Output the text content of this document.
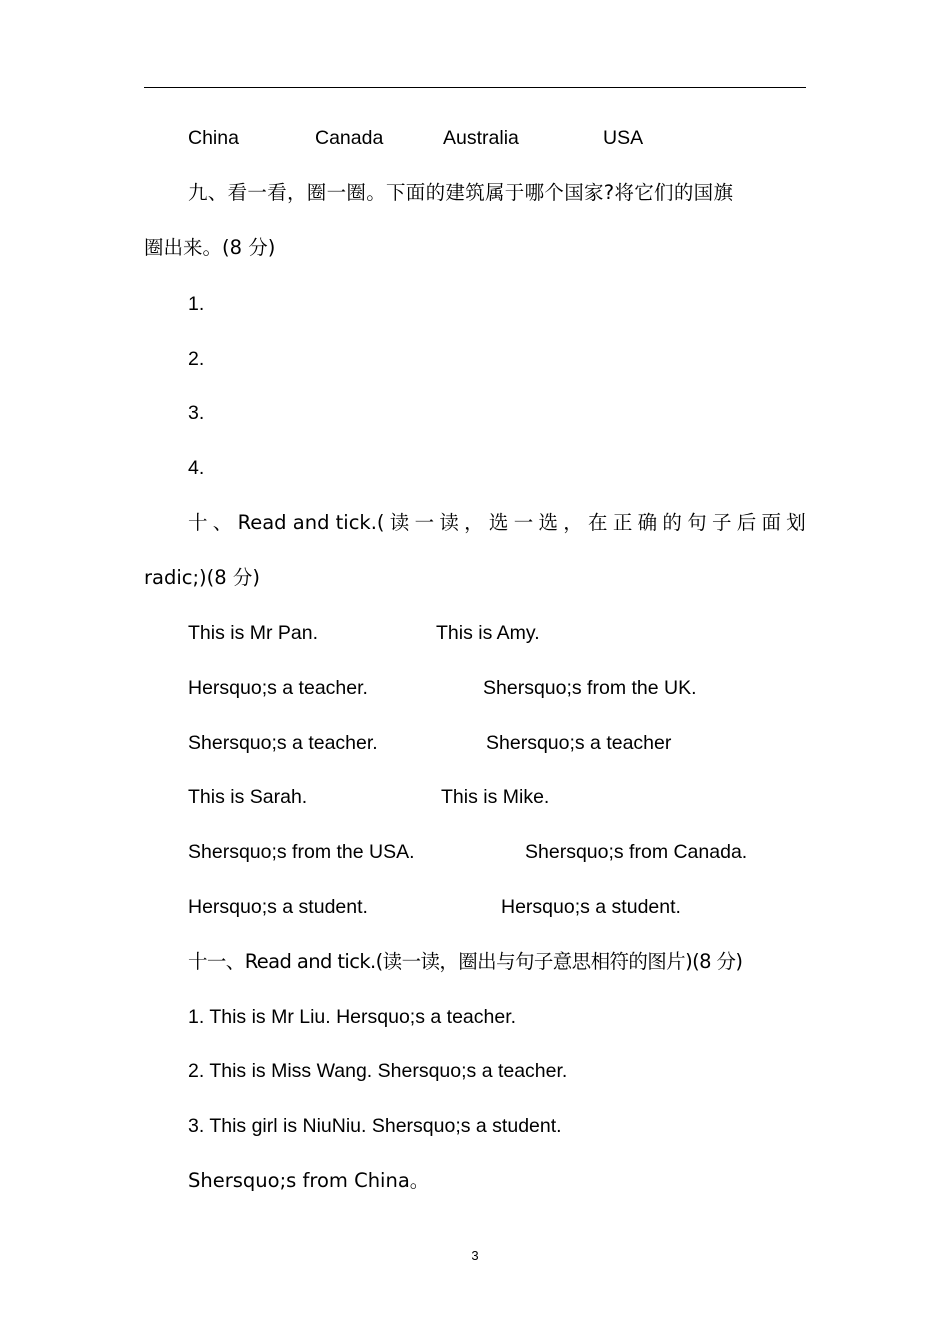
China	Canada	Australia	USA
九、看一看，圈一圈。下面的建筑属于哪个国家?将它们的国旗
圈出来。(8 分)
1.
2.
3.
4.
十 、 Read and tick.( 读 一 读 ， 选 一 选 ， 在 正 确 的 句 子 后 面 划
radic;)(8 分)
This is Mr Pan.	This is Amy.
Hersquo;s a teacher.	Shersquo;s from the UK.
Shersquo;s a teacher.	Shersquo;s a teacher
This is Sarah.	This is Mike.
Shersquo;s from the USA.	Shersquo;s from Canada.
Hersquo;s a student.	Hersquo;s a student.
十一、Read and tick.(读一读，圈出与句子意思相符的图片)(8 分)
1. This is Mr Liu. Hersquo;s a teacher.
2. This is Miss Wang. Shersquo;s a teacher.
3. This girl is NiuNiu. Shersquo;s a student.
Shersquo;s from China。
3
